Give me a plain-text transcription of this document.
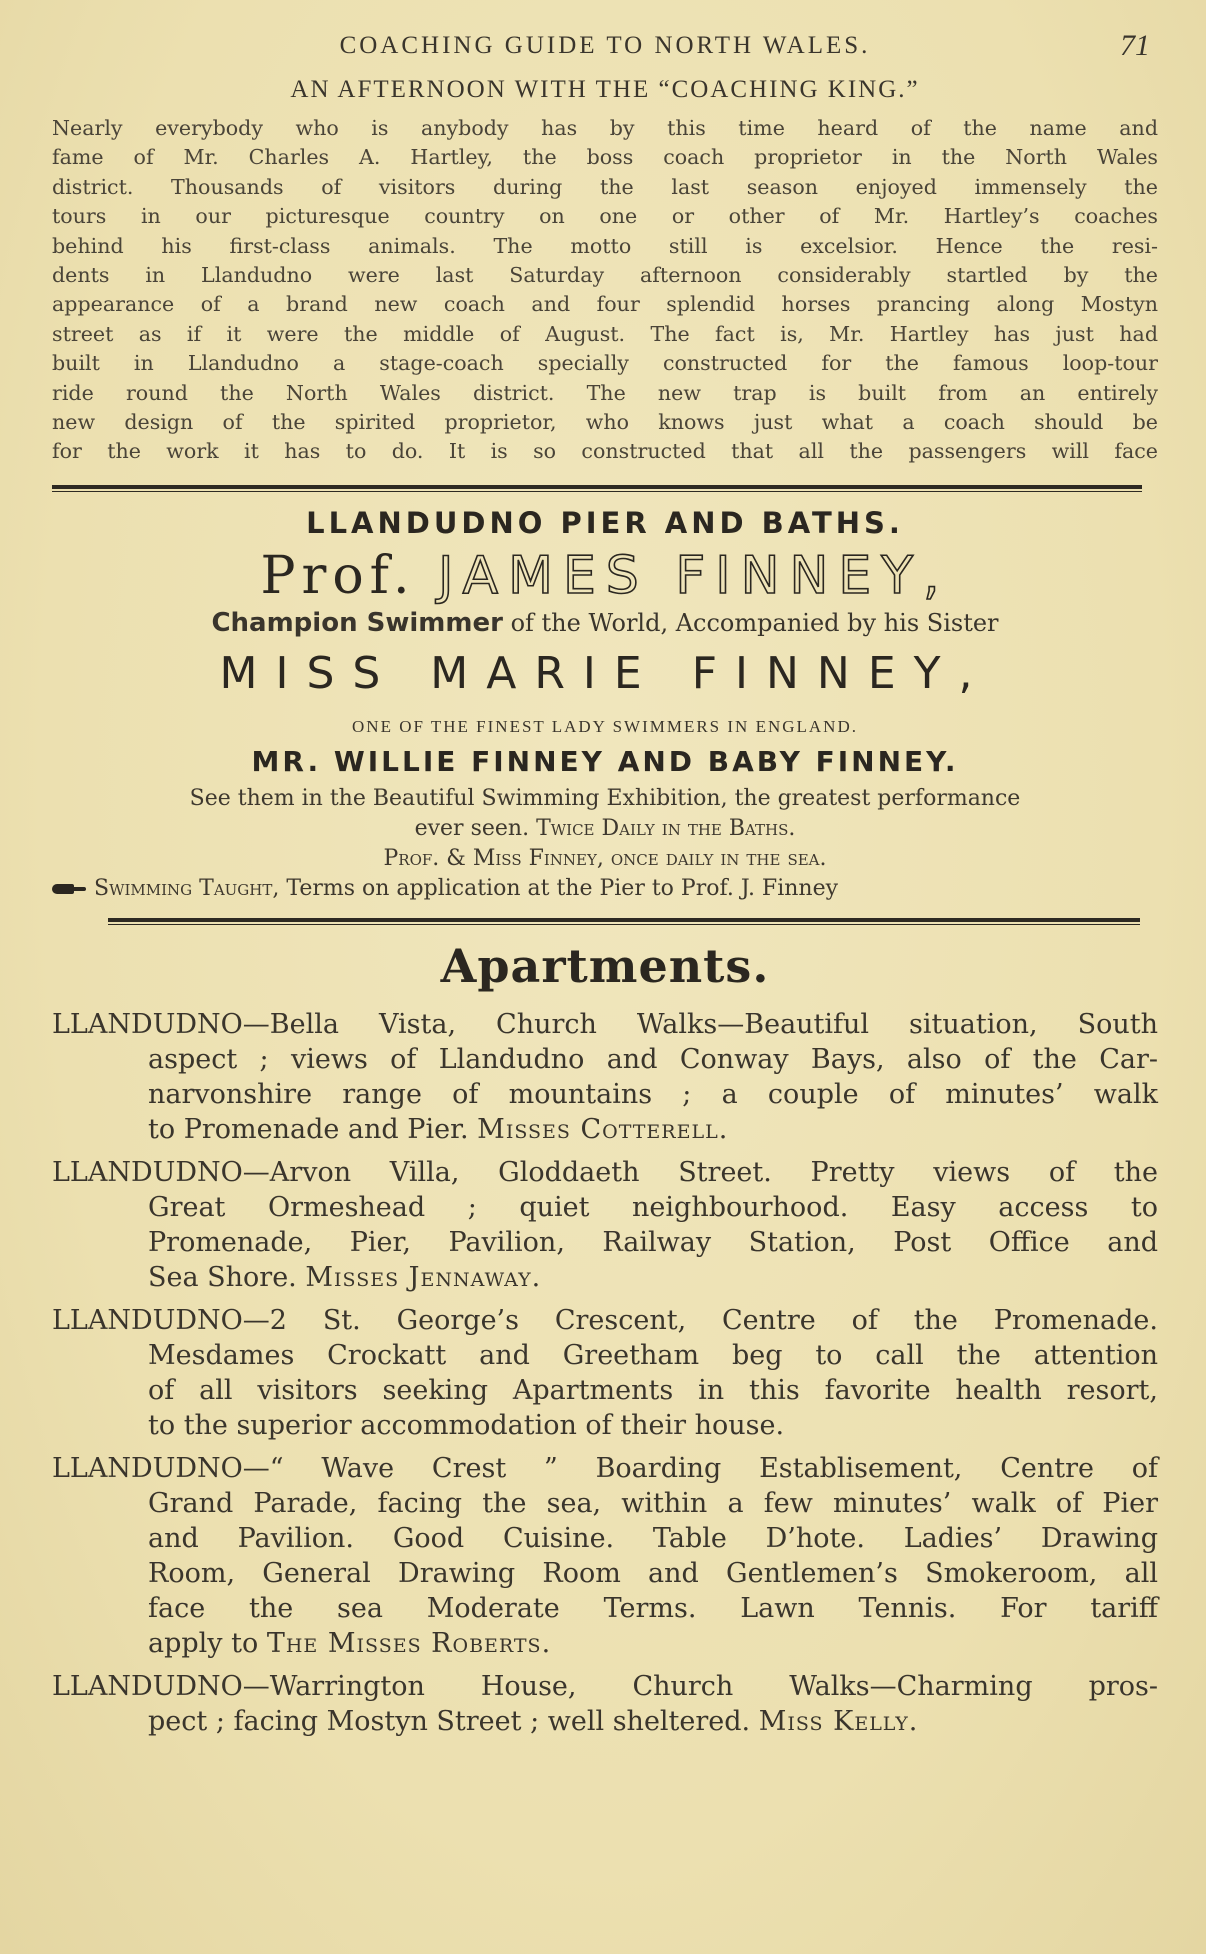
COACHING GUIDE TO NORTH WALES.	71
AN AFTERNOON WITH THE “COACHING KING.”
Nearly everybody who is anybody has by this time heard of the name and
fame of Mr. Charles A. Hartley, the boss coach proprietor in the North Wales
district. Thousands of visitors during the last season enjoyed immensely the
tours in our picturesque country on one or other of Mr. Hartley’s coaches
behind his first-class animals. The motto still is excelsior. Hence the resi-
dents in Llandudno were last Saturday afternoon considerably startled by the
appearance of a brand new coach and four splendid horses prancing along Mostyn
street as if it were the middle of August. The fact is, Mr. Hartley has just had
built in Llandudno a stage-coach specially constructed for the famous loop-tour
ride round the North Wales district. The new trap is built from an entirely
new design of the spirited proprietor, who knows just what a coach should be
for the work it has to do. It is so constructed that all the passengers will face
LLANDUDNO PIER AND BATHS.
Prof. JAMES FINNEY,
Champion Swimmer of the World, Accompanied by his Sister
MISS MARIE FINNEY,
ONE OF THE FINEST LADY SWIMMERS IN ENGLAND.
MR. WILLIE FINNEY AND BABY FINNEY.
See them in the Beautiful Swimming Exhibition, the greatest performance
ever seen. Twice Daily in the Baths.
Prof. & Miss Finney, once daily in the sea.
Swimming Taught, Terms on application at the Pier to Prof. J. Finney
Apartments.
LLANDUDNO—Bella Vista, Church Walks—Beautiful situation, South
aspect ; views of Llandudno and Conway Bays, also of the Car-
narvonshire range of mountains ; a couple of minutes’ walk
to Promenade and Pier. Misses Cotterell.
LLANDUDNO—Arvon Villa, Gloddaeth Street. Pretty views of the
Great Ormeshead ; quiet neighbourhood. Easy access to
Promenade, Pier, Pavilion, Railway Station, Post Office and
Sea Shore. Misses Jennaway.
LLANDUDNO—2 St. George’s Crescent, Centre of the Promenade.
Mesdames Crockatt and Greetham beg to call the attention
of all visitors seeking Apartments in this favorite health resort,
to the superior accommodation of their house.
LLANDUDNO—“ Wave Crest ” Boarding Establisement, Centre of
Grand Parade, facing the sea, within a few minutes’ walk of Pier
and Pavilion. Good Cuisine. Table D’hote. Ladies’ Drawing
Room, General Drawing Room and Gentlemen’s Smokeroom, all
face the sea Moderate Terms. Lawn Tennis. For tariff
apply to The Misses Roberts.
LLANDUDNO—Warrington House, Church Walks—Charming pros-
pect ; facing Mostyn Street ; well sheltered. Miss Kelly.
